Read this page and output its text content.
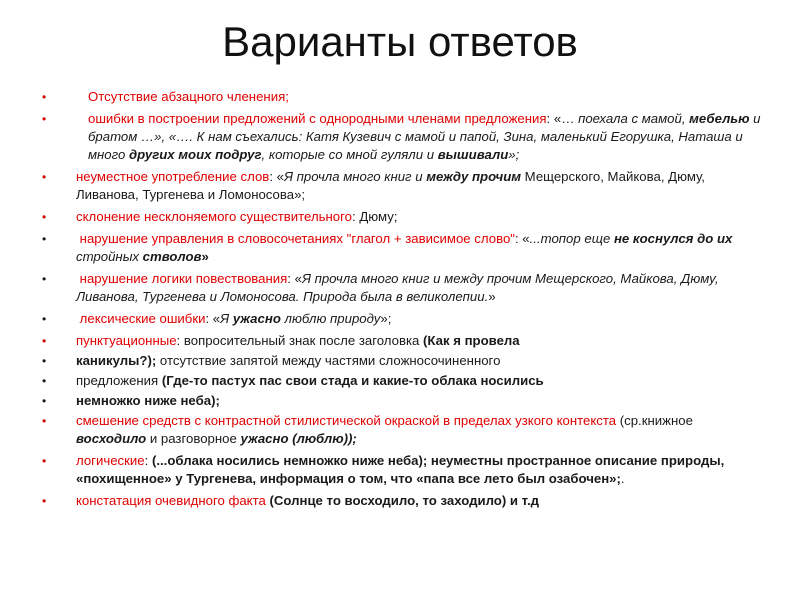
Варианты ответов
•	Отсутствие абзацного членения;
•	ошибки в построении предложений с однородными членами предложения: «… поехала с мамой, мебелью и братом …», «…. К нам съехались: Катя Кузевич с мамой и папой, Зина, маленький Егорушка, Наташа и много других моих подруг, которые со мной гуляли и вышивали»;
• неуместное употребление слов: «Я прочла много книг и между прочим Мещерского, Майкова, Дюму, Ливанова, Тургенева и Ломоносова»;
• склонение несклоняемого существительного: Дюму;
•	нарушение управления в словосочетаниях "глагол + зависимое слово": «...топор еще не коснулся до их стройных стволов»
•	нарушение логики повествования: «Я прочла много книг и между прочим Мещерского, Майкова, Дюму, Ливанова, Тургенева и Ломоносова. Природа была в великолепии.»
•	лексические ошибки: «Я ужасно люблю природу»;
• пунктуационные: вопросительный знак после заголовка (Как я провела
• каникулы?); отсутствие запятой между частями сложносочиненного
• предложения (Где-то пастух пас свои стада и какие-то облака носились
• немножко ниже неба);
• смешение средств с контрастной стилистической окраской в пределах узкого контекста (ср.книжное восходило и разговорное ужасно (люблю));
• логические: (...облака носились немножко ниже неба); неуместны пространное описание природы, «похищенное» у Тургенева, информация о том, что «папа все лето был озабочен»;.
• констатация очевидного факта (Солнце то восходило, то заходило) и т.д
